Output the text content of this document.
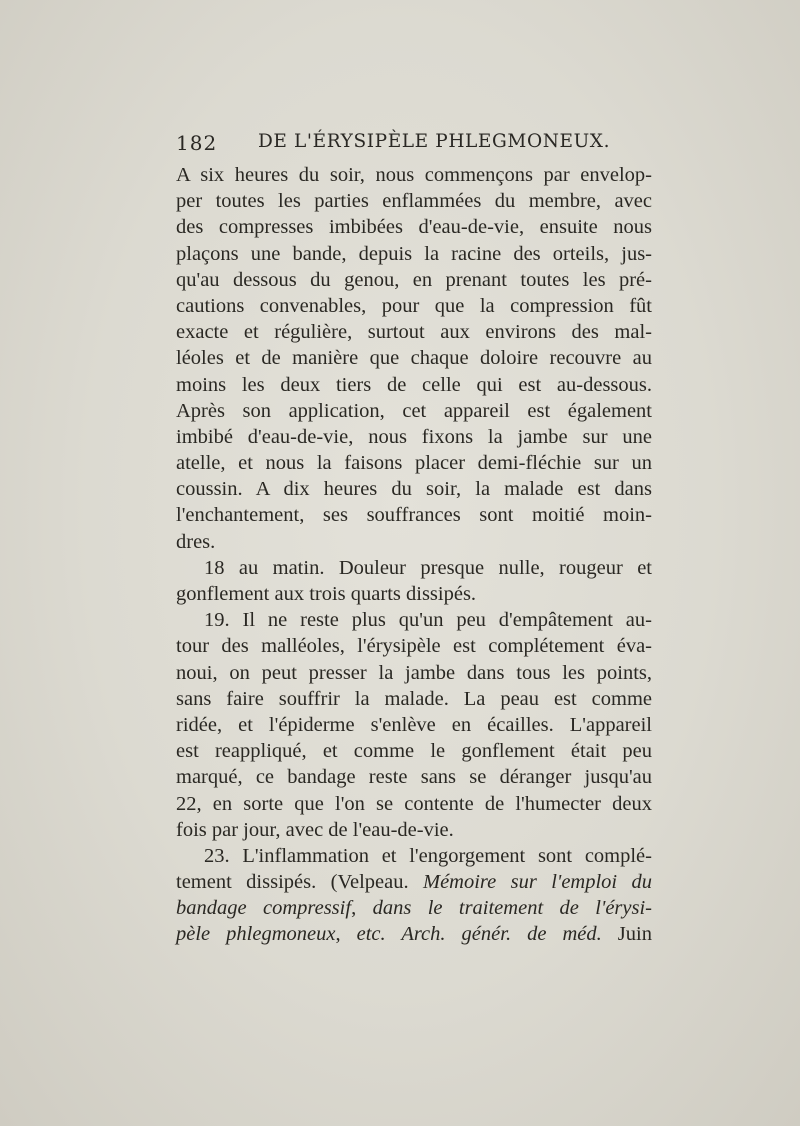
182 DE L'ÉRYSIPÈLE PHLEGMONEUX.
A six heures du soir, nous commençons par envelop-
per toutes les parties enflammées du membre, avec
des compresses imbibées d'eau-de-vie, ensuite nous
plaçons une bande, depuis la racine des orteils, jus-
qu'au dessous du genou, en prenant toutes les pré-
cautions convenables, pour que la compression fût
exacte et régulière, surtout aux environs des mal-
léoles et de manière que chaque doloire recouvre au
moins les deux tiers de celle qui est au-dessous.
Après son application, cet appareil est également
imbibé d'eau-de-vie, nous fixons la jambe sur une
atelle, et nous la faisons placer demi-fléchie sur un
coussin. A dix heures du soir, la malade est dans
l'enchantement, ses souffrances sont moitié moin-
dres.
18 au matin. Douleur presque nulle, rougeur et
gonflement aux trois quarts dissipés.
19. Il ne reste plus qu'un peu d'empâtement au-
tour des malléoles, l'érysipèle est complétement éva-
noui, on peut presser la jambe dans tous les points,
sans faire souffrir la malade. La peau est comme
ridée, et l'épiderme s'enlève en écailles. L'appareil
est reappliqué, et comme le gonflement était peu
marqué, ce bandage reste sans se déranger jusqu'au
22, en sorte que l'on se contente de l'humecter deux
fois par jour, avec de l'eau-de-vie.
23. L'inflammation et l'engorgement sont complé-
tement dissipés. (Velpeau. Mémoire sur l'emploi du
bandage compressif, dans le traitement de l'érysi-
pèle phlegmoneux, etc. Arch. génér. de méd. Juin
